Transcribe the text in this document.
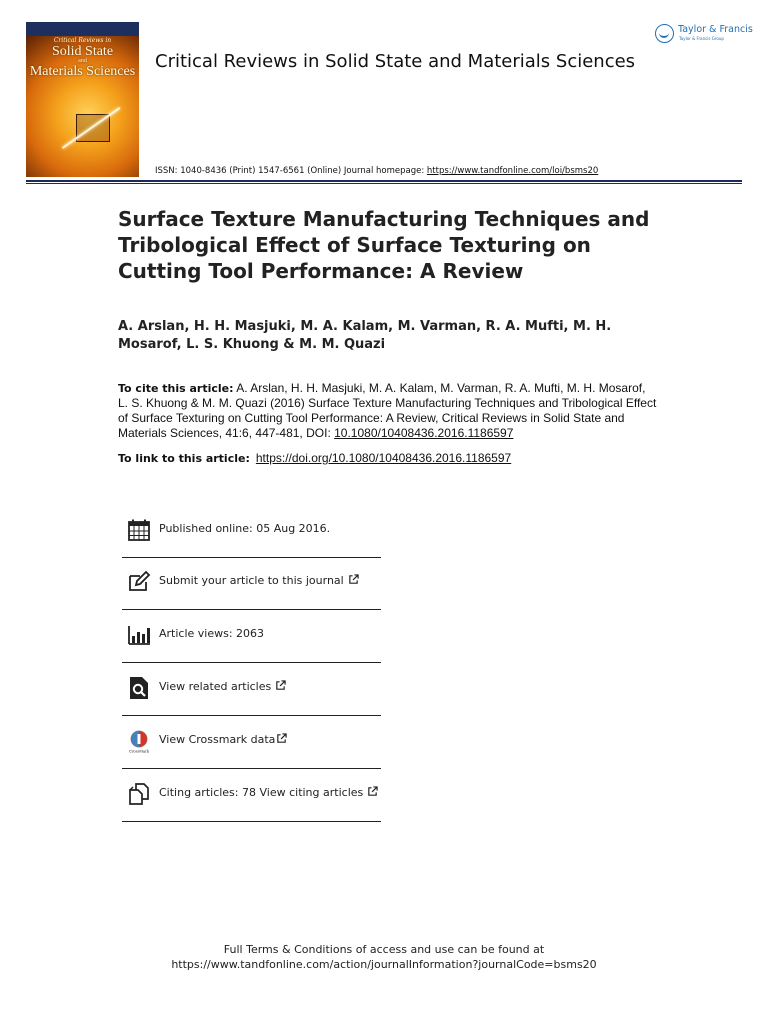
Critical Reviews in
Solid State
and
Materials Sciences Critical Reviews in Solid State and Materials Sciences
Taylor & Francis
Taylor & Francis Group
ISSN: 1040-8436 (Print) 1547-6561 (Online) Journal homepage: https://www.tandfonline.com/loi/bsms20
Surface Texture Manufacturing Techniques and Tribological Effect of Surface Texturing on Cutting Tool Performance: A Review
A. Arslan, H. H. Masjuki, M. A. Kalam, M. Varman, R. A. Mufti, M. H. Mosarof, L. S. Khuong & M. M. Quazi
To cite this article: A. Arslan, H. H. Masjuki, M. A. Kalam, M. Varman, R. A. Mufti, M. H. Mosarof, L. S. Khuong & M. M. Quazi (2016) Surface Texture Manufacturing Techniques and Tribological Effect of Surface Texturing on Cutting Tool Performance: A Review, Critical Reviews in Solid State and Materials Sciences, 41:6, 447-481, DOI: 10.1080/10408436.2016.1186597
To link to this article: https://doi.org/10.1080/10408436.2016.1186597
Published online: 05 Aug 2016.
Submit your article to this journal
Article views: 2063
View related articles
CrossMark
View Crossmark data
Citing articles: 78 View citing articles
Full Terms & Conditions of access and use can be found at
https://www.tandfonline.com/action/journalInformation?journalCode=bsms20
